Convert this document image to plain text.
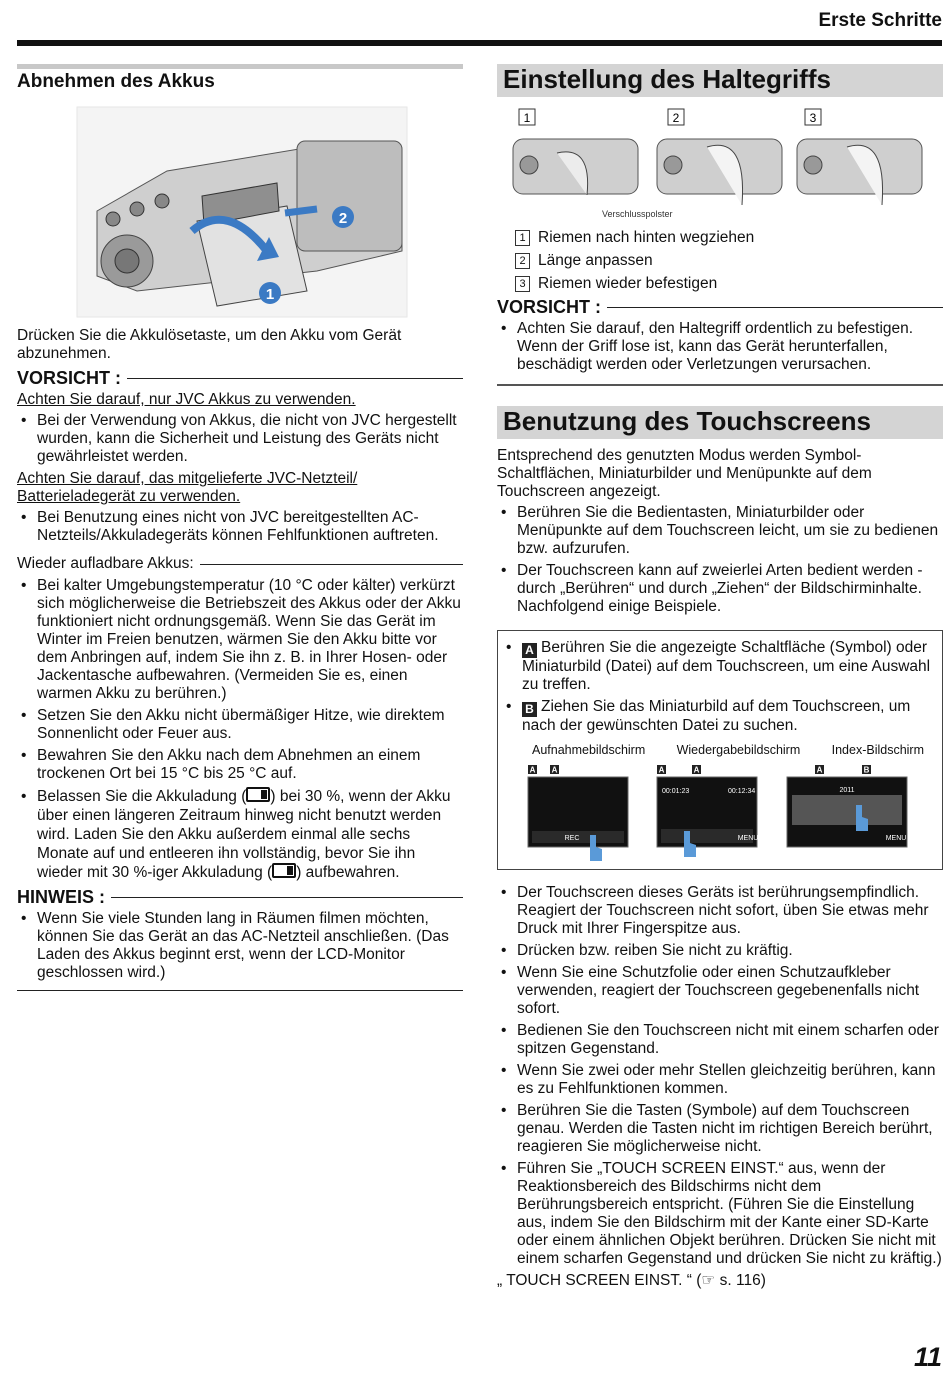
Erste Schritte
Abnehmen des Akkus
1
2

Drücken Sie die Akkulösetaste, um den Akku vom Gerät abzunehmen.

VORSICHT :

Achten Sie darauf, nur JVC Akkus zu verwenden.

• Bei der Verwendung von Akkus, die nicht von JVC hergestellt wurden, kann die Sicherheit und Leistung des Geräts nicht gewährleistet werden.

Achten Sie darauf, das mitgelieferte JVC-Netzteil/ Batterieladegerät zu verwenden.

• Bei Benutzung eines nicht von JVC bereitgestellten AC-Netzteils/Akkuladegeräts können Fehlfunktionen auftreten.
Wieder aufladbare Akkus:
• Bei kalter Umgebungstemperatur (10 °C oder kälter) verkürzt sich möglicherweise die Betriebszeit des Akkus oder der Akku funktioniert nicht ordnungsgemäß. Wenn Sie das Gerät im Winter im Freien benutzen, wärmen Sie den Akku bitte vor dem Anbringen auf, indem Sie ihn z. B. in Ihrer Hosen- oder Jackentasche aufbewahren. (Vermeiden Sie es, einen warmen Akku zu berühren.)
• Setzen Sie den Akku nicht übermäßiger Hitze, wie direktem Sonnenlicht oder Feuer aus.
• Bewahren Sie den Akku nach dem Abnehmen an einem trockenen Ort bei 15 °C bis 25 °C auf.
• Belassen Sie die Akkuladung ( ) bei 30 %, wenn der Akku über einen längeren Zeitraum hinweg nicht benutzt werden wird. Laden Sie den Akku außerdem einmal alle sechs Monate auf und entleeren ihn vollständig, bevor Sie ihn wieder mit 30 %-iger Akkuladung ( ) aufbewahren.
HINWEIS :
• Wenn Sie viele Stunden lang in Räumen filmen möchten, können Sie das Gerät an das AC-Netzteil anschließen. (Das Laden des Akkus beginnt erst, wenn der LCD-Monitor geschlossen wird.)
Einstellung des Haltegriffs
1	2	3
Verschlusspolster
1 Riemen nach hinten wegziehen
2 Länge anpassen
3 Riemen wieder befestigen
VORSICHT :
• Achten Sie darauf, den Haltegriff ordentlich zu befestigen. Wenn der Griff lose ist, kann das Gerät herunterfallen, beschädigt werden oder Verletzungen verursachen.
Benutzung des Touchscreens

Entsprechend des genutzten Modus werden Symbol-Schaltflächen, Miniaturbilder und Menüpunkte auf dem Touchscreen angezeigt.

• Berühren Sie die Bedientasten, Miniaturbilder oder Menüpunkte auf dem Touchscreen leicht, um sie zu bedienen bzw. aufzurufen.
• Der Touchscreen kann auf zweierlei Arten bedient werden - durch „Berühren“ und durch „Ziehen“ der Bildschirminhalte. Nachfolgend einige Beispiele.
• A Berühren Sie die angezeigte Schaltfläche (Symbol) oder Miniaturbild (Datei) auf dem Touchscreen, um eine Auswahl zu treffen.
• B Ziehen Sie das Miniaturbild auf dem Touchscreen, um nach der gewünschten Datei zu suchen.
Aufnahmebildschirm	Wiedergabebildschirm	Index-Bildschirm
A A	A	A	A	B
REC
00:01:23	00:12:34	2011
MENU	MENU
• Der Touchscreen dieses Geräts ist berührungsempfindlich. Reagiert der Touchscreen nicht sofort, üben Sie etwas mehr Druck mit Ihrer Fingerspitze aus.
• Drücken bzw. reiben Sie nicht zu kräftig.
• Wenn Sie eine Schutzfolie oder einen Schutzaufkleber verwenden, reagiert der Touchscreen gegebenenfalls nicht sofort.
• Bedienen Sie den Touchscreen nicht mit einem scharfen oder spitzen Gegenstand.
• Wenn Sie zwei oder mehr Stellen gleichzeitig berühren, kann es zu Fehlfunktionen kommen.
• Berühren Sie die Tasten (Symbole) auf dem Touchscreen genau. Werden die Tasten nicht im richtigen Bereich berührt, reagieren Sie möglicherweise nicht.
• Führen Sie „TOUCH SCREEN EINST.“ aus, wenn der Reaktionsbereich des Bildschirms nicht dem Berührungsbereich entspricht. (Führen Sie die Einstellung aus, indem Sie den Bildschirm mit der Kante einer SD-Karte oder einem ähnlichen Objekt berühren. Drücken Sie nicht mit einem scharfen Gegenstand und drücken Sie nicht zu kräftig.)

„ TOUCH SCREEN EINST. “ (☞ s. 116)

11
